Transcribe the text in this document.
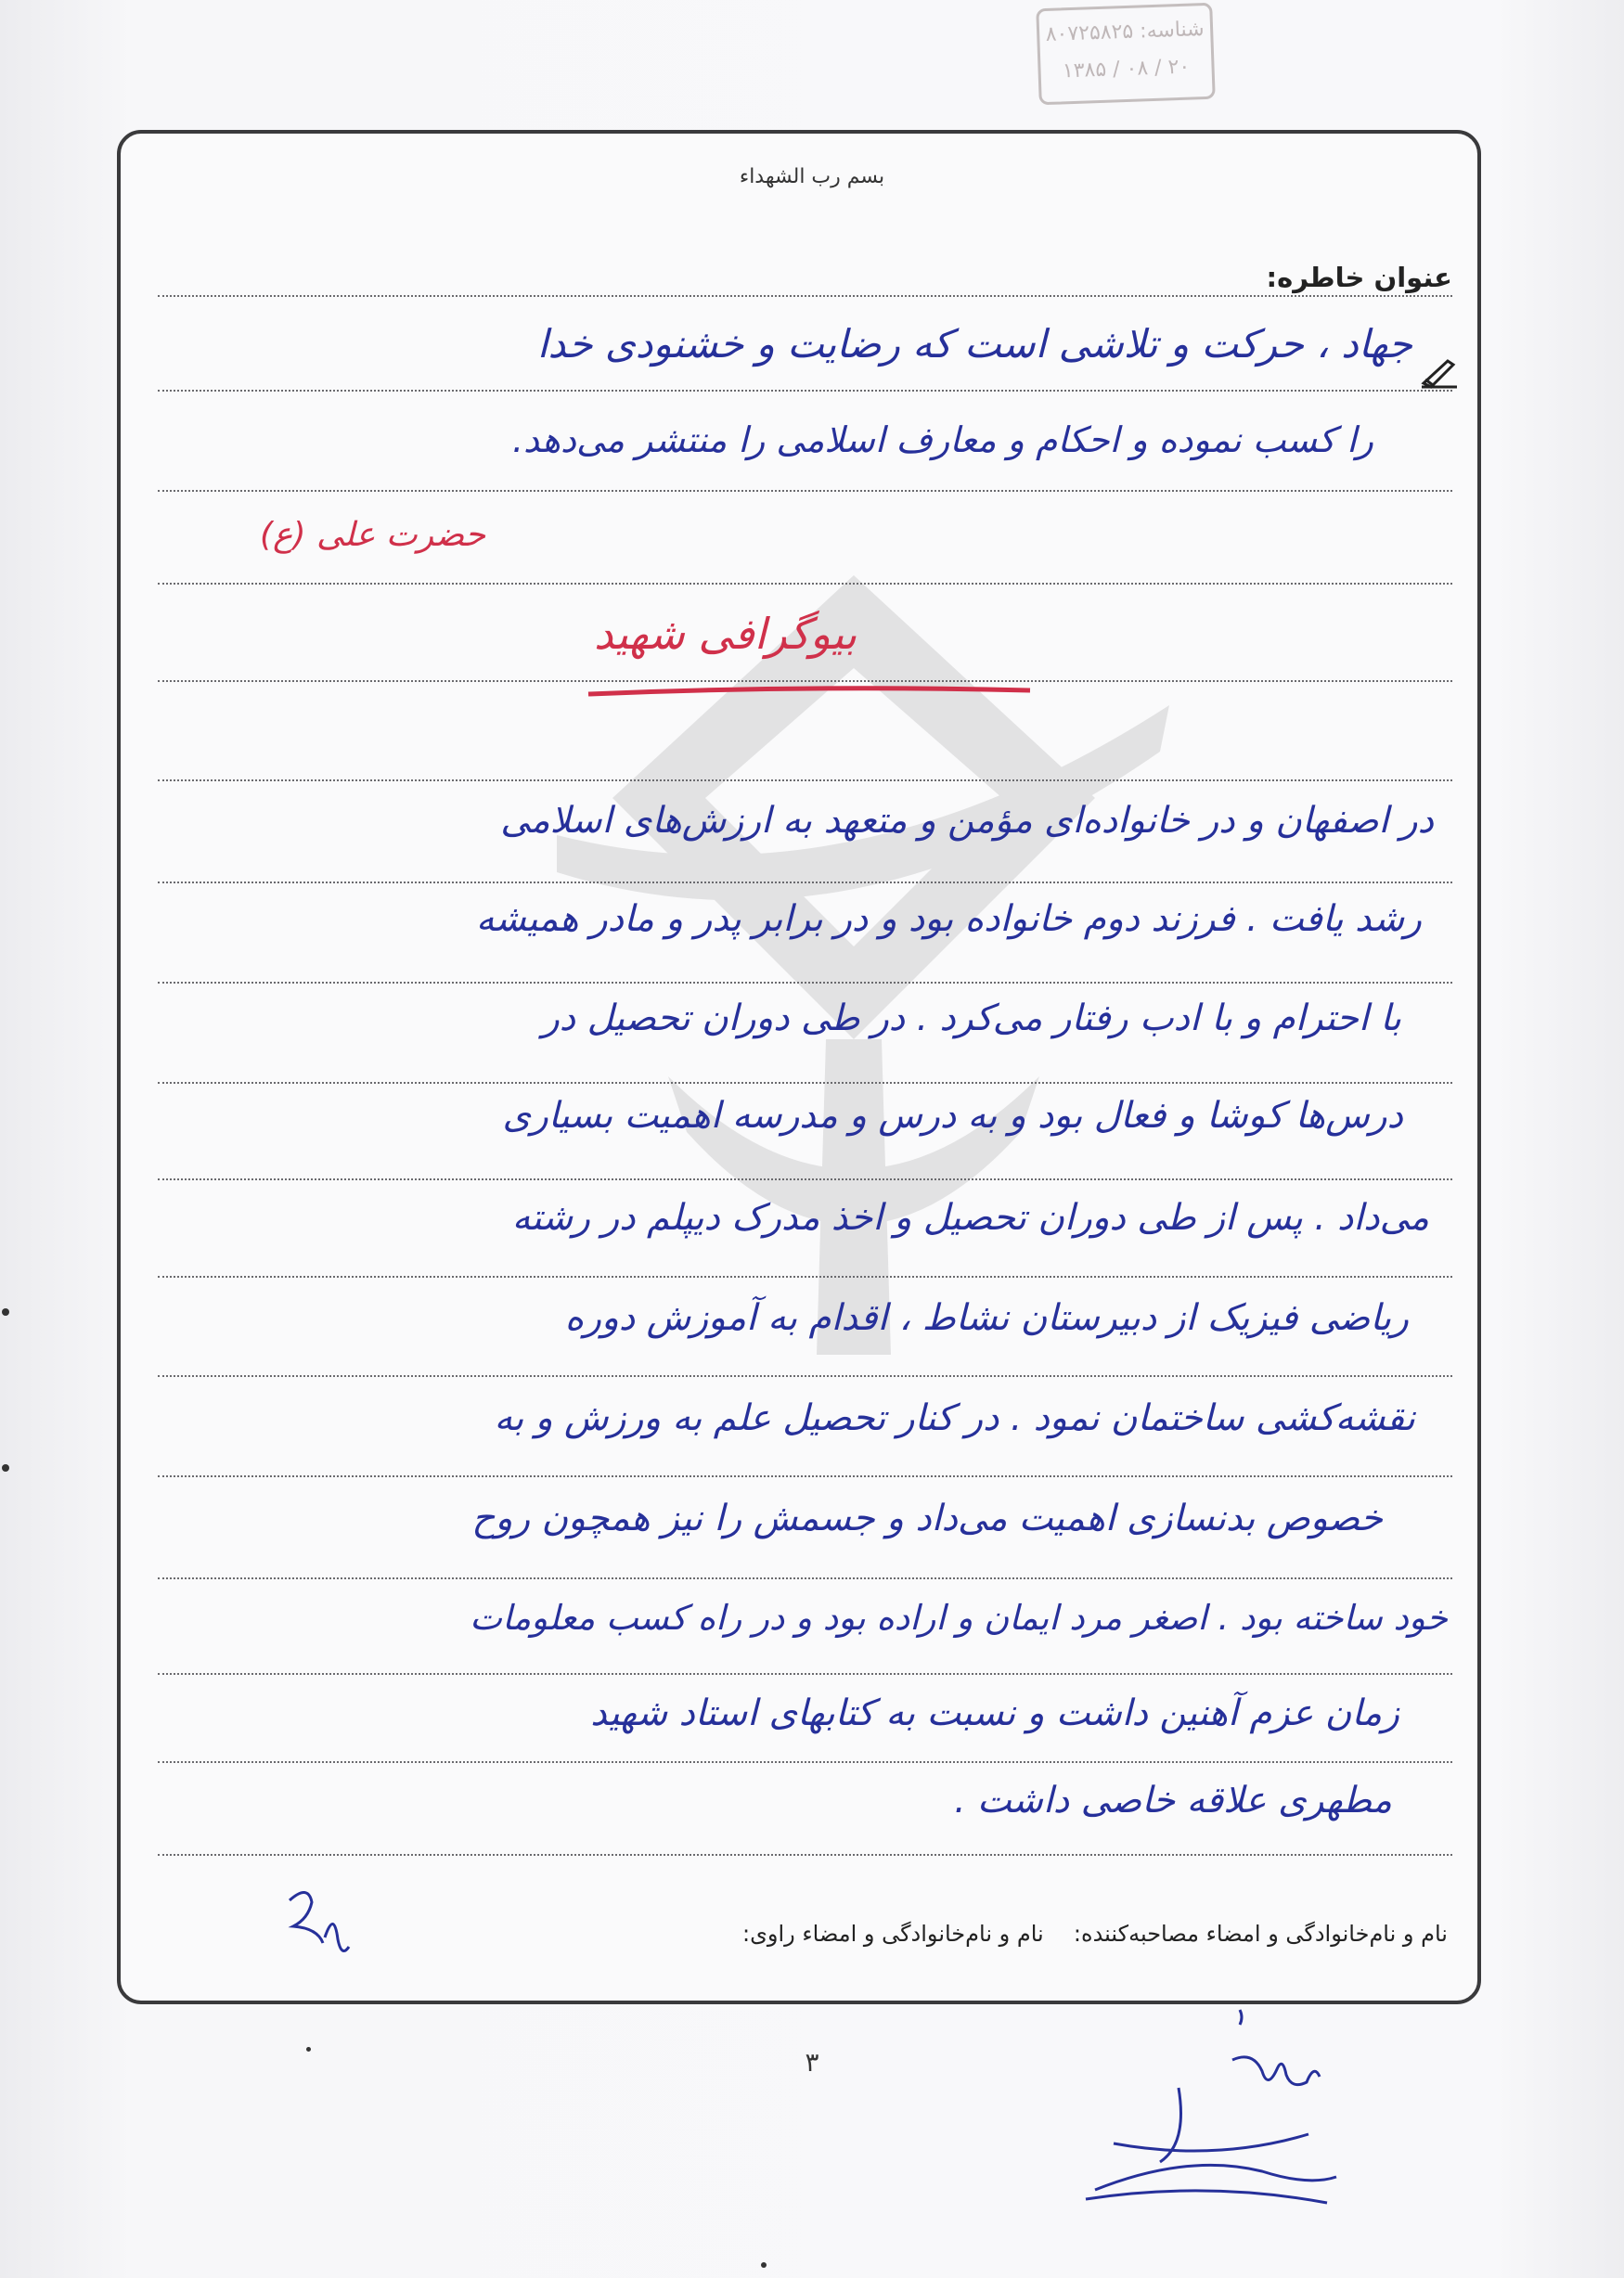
شناسه: ۸۰۷۲۵۸۲۵
۲۰ / ۰۸ / ۱۳۸۵
بسم رب الشهداء
عنوان خاطره:
جهاد ، حرکت و تلاشی است که رضایت و خشنودی خدا
را کسب نموده و احکام و معارف اسلامی را منتشر می‌دهد.
حضرت علی (ع)
بیوگرافی شهید
در اصفهان و در خانواده‌ای مؤمن و متعهد به ارزش‌های اسلامی
رشد یافت . فرزند دوم خانواده بود و در برابر پدر و مادر همیشه
با احترام و با ادب رفتار می‌کرد . در طی دوران تحصیل در
درس‌ها کوشا و فعال بود و به درس و مدرسه اهمیت بسیاری
می‌داد . پس از طی دوران تحصیل و اخذ مدرک دیپلم در رشته
ریاضی فیزیک از دبیرستان نشاط ، اقدام به آموزش دوره
نقشه‌کشی ساختمان نمود . در کنار تحصیل علم به ورزش و به
خصوص بدنسازی اهمیت می‌داد و جسمش را نیز همچون روح
خود ساخته بود . اصغر مرد ایمان و اراده بود و در راه کسب معلومات
زمان عزم آهنین داشت و نسبت به کتابهای استاد شهید
مطهری علاقه خاصی داشت .
نام و نام‌خانوادگی و امضاء مصاحبه‌کننده:
نام و نام‌خانوادگی و امضاء راوی:
۳
